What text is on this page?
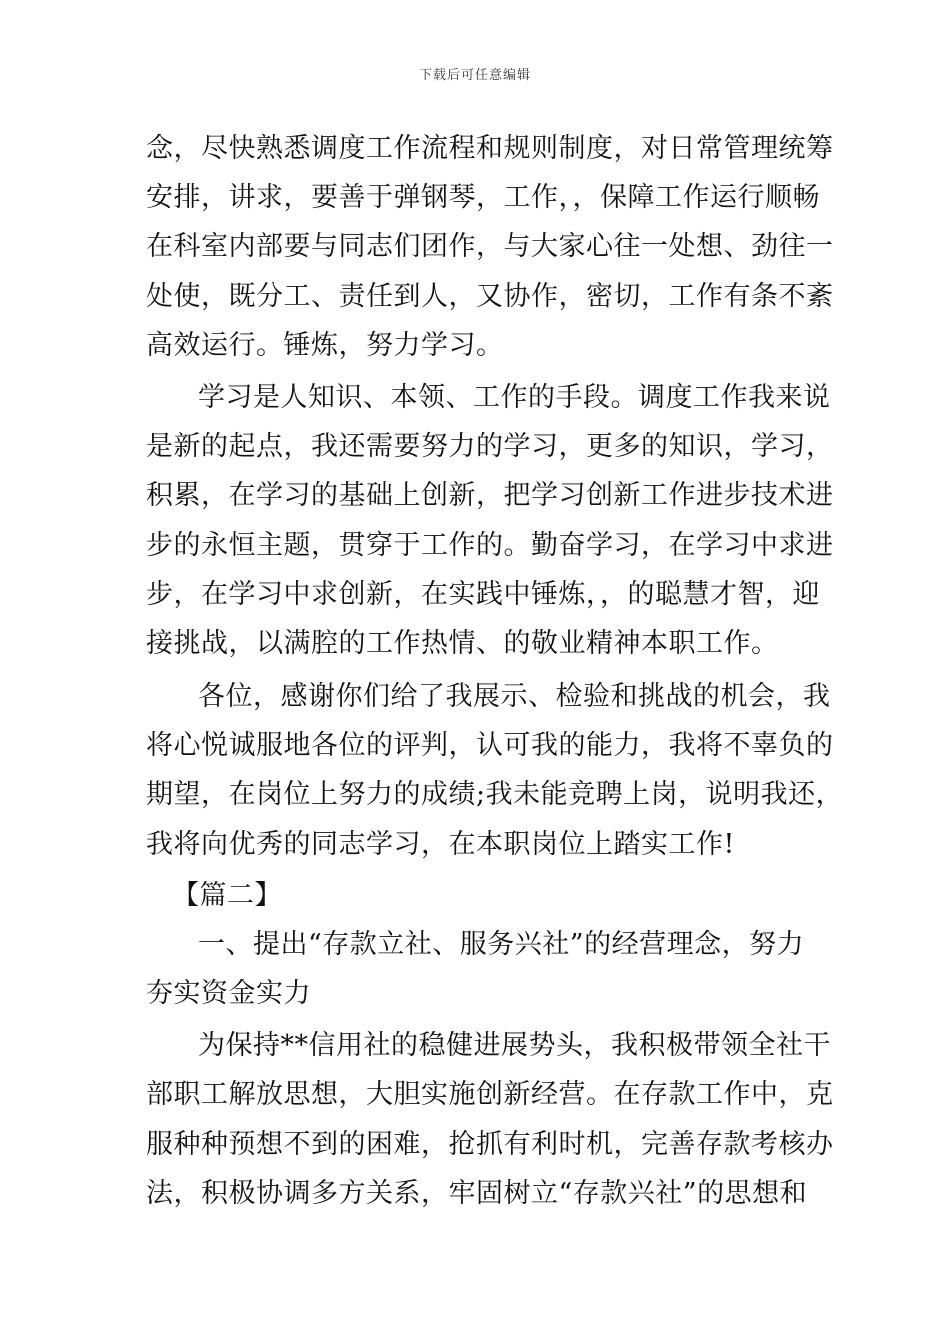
下载后可任意编辑
念，尽快熟悉调度工作流程和规则制度，对日常管理统筹
安排，讲求，要善于弹钢琴，工作，，保障工作运行顺畅
在科室内部要与同志们团作，与大家心往一处想、劲往一
处使，既分工、责任到人，又协作，密切，工作有条不紊
高效运行。锤炼，努力学习。
学习是人知识、本领、工作的手段。调度工作我来说
是新的起点，我还需要努力的学习，更多的知识，学习，
积累，在学习的基础上创新，把学习创新工作进步技术进
步的永恒主题，贯穿于工作的。勤奋学习，在学习中求进
步，在学习中求创新，在实践中锤炼，，的聪慧才智，迎
接挑战，以满腔的工作热情、的敬业精神本职工作。
各位，感谢你们给了我展示、检验和挑战的机会，我
将心悦诚服地各位的评判，认可我的能力，我将不辜负的
期望，在岗位上努力的成绩;我未能竞聘上岗，说明我还，
我将向优秀的同志学习，在本职岗位上踏实工作!
【篇二】
一、提出“存款立社、服务兴社”的经营理念，努力
夯实资金实力
为保持**信用社的稳健进展势头，我积极带领全社干
部职工解放思想，大胆实施创新经营。在存款工作中，克
服种种预想不到的困难，抢抓有利时机，完善存款考核办
法，积极协调多方关系，牢固树立“存款兴社”的思想和
